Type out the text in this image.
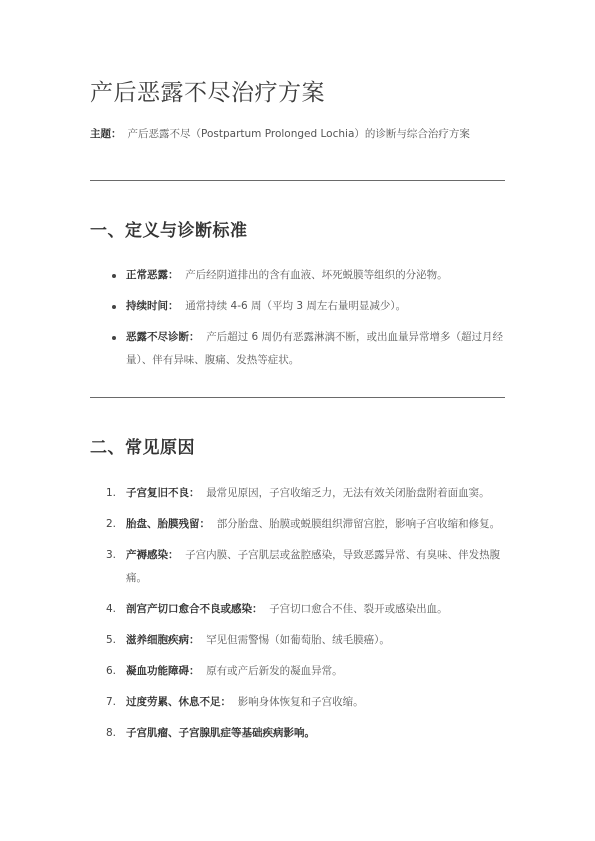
产后恶露不尽治疗方案
主题： 产后恶露不尽（Postpartum Prolonged Lochia）的诊断与综合治疗方案
一、定义与诊断标准
正常恶露： 产后经阴道排出的含有血液、坏死蜕膜等组织的分泌物。
持续时间： 通常持续 4-6 周（平均 3 周左右量明显减少）。
恶露不尽诊断： 产后超过 6 周仍有恶露淋漓不断，或出血量异常增多（超过月经量）、伴有异味、腹痛、发热等症状。
二、常见原因
1. 子宫复旧不良： 最常见原因，子宫收缩乏力，无法有效关闭胎盘附着面血窦。
2. 胎盘、胎膜残留： 部分胎盘、胎膜或蜕膜组织滞留宫腔，影响子宫收缩和修复。
3. 产褥感染： 子宫内膜、子宫肌层或盆腔感染，导致恶露异常、有臭味、伴发热腹痛。
4. 剖宫产切口愈合不良或感染： 子宫切口愈合不佳、裂开或感染出血。
5. 滋养细胞疾病： 罕见但需警惕（如葡萄胎、绒毛膜癌）。
6. 凝血功能障碍： 原有或产后新发的凝血异常。
7. 过度劳累、休息不足： 影响身体恢复和子宫收缩。
8. 子宫肌瘤、子宫腺肌症等基础疾病影响。
